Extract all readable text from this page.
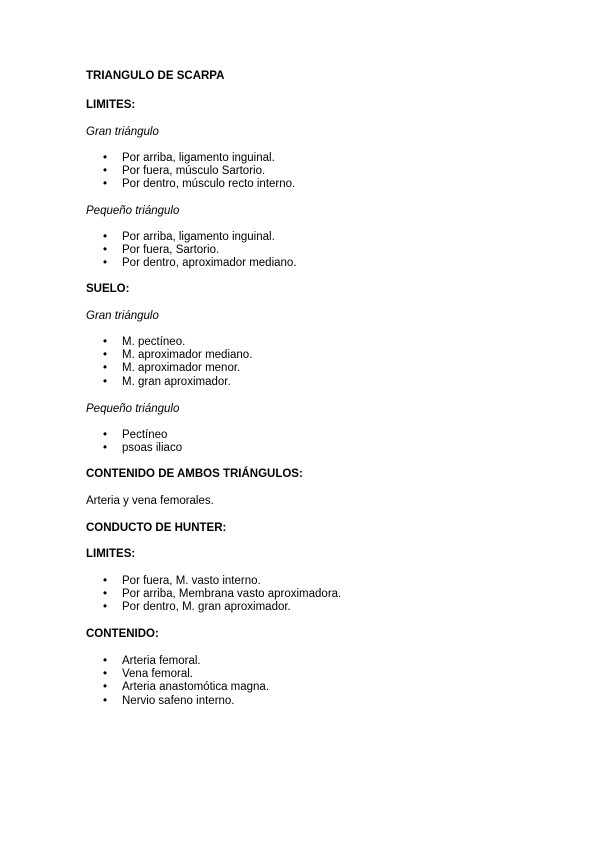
TRIANGULO DE SCARPA
LIMITES:
Gran triángulo
• Por arriba, ligamento inguinal.
• Por fuera, músculo Sartorio.
• Por dentro, músculo recto interno.
Pequeño triángulo
• Por arriba, ligamento inguinal.
• Por fuera, Sartorio.
• Por dentro, aproximador mediano.
SUELO:
Gran triángulo
• M. pectíneo.
• M. aproximador mediano.
• M. aproximador menor.
• M. gran aproximador.
Pequeño triángulo
• Pectíneo
• psoas iliaco
CONTENIDO DE AMBOS TRIÁNGULOS:
Arteria y vena femorales.
CONDUCTO DE HUNTER:
LIMITES:
• Por fuera, M. vasto interno.
• Por arriba, Membrana vasto aproximadora.
• Por dentro, M. gran aproximador.
CONTENIDO:
• Arteria femoral.
• Vena femoral.
• Arteria anastomótica magna.
• Nervio safeno interno.
